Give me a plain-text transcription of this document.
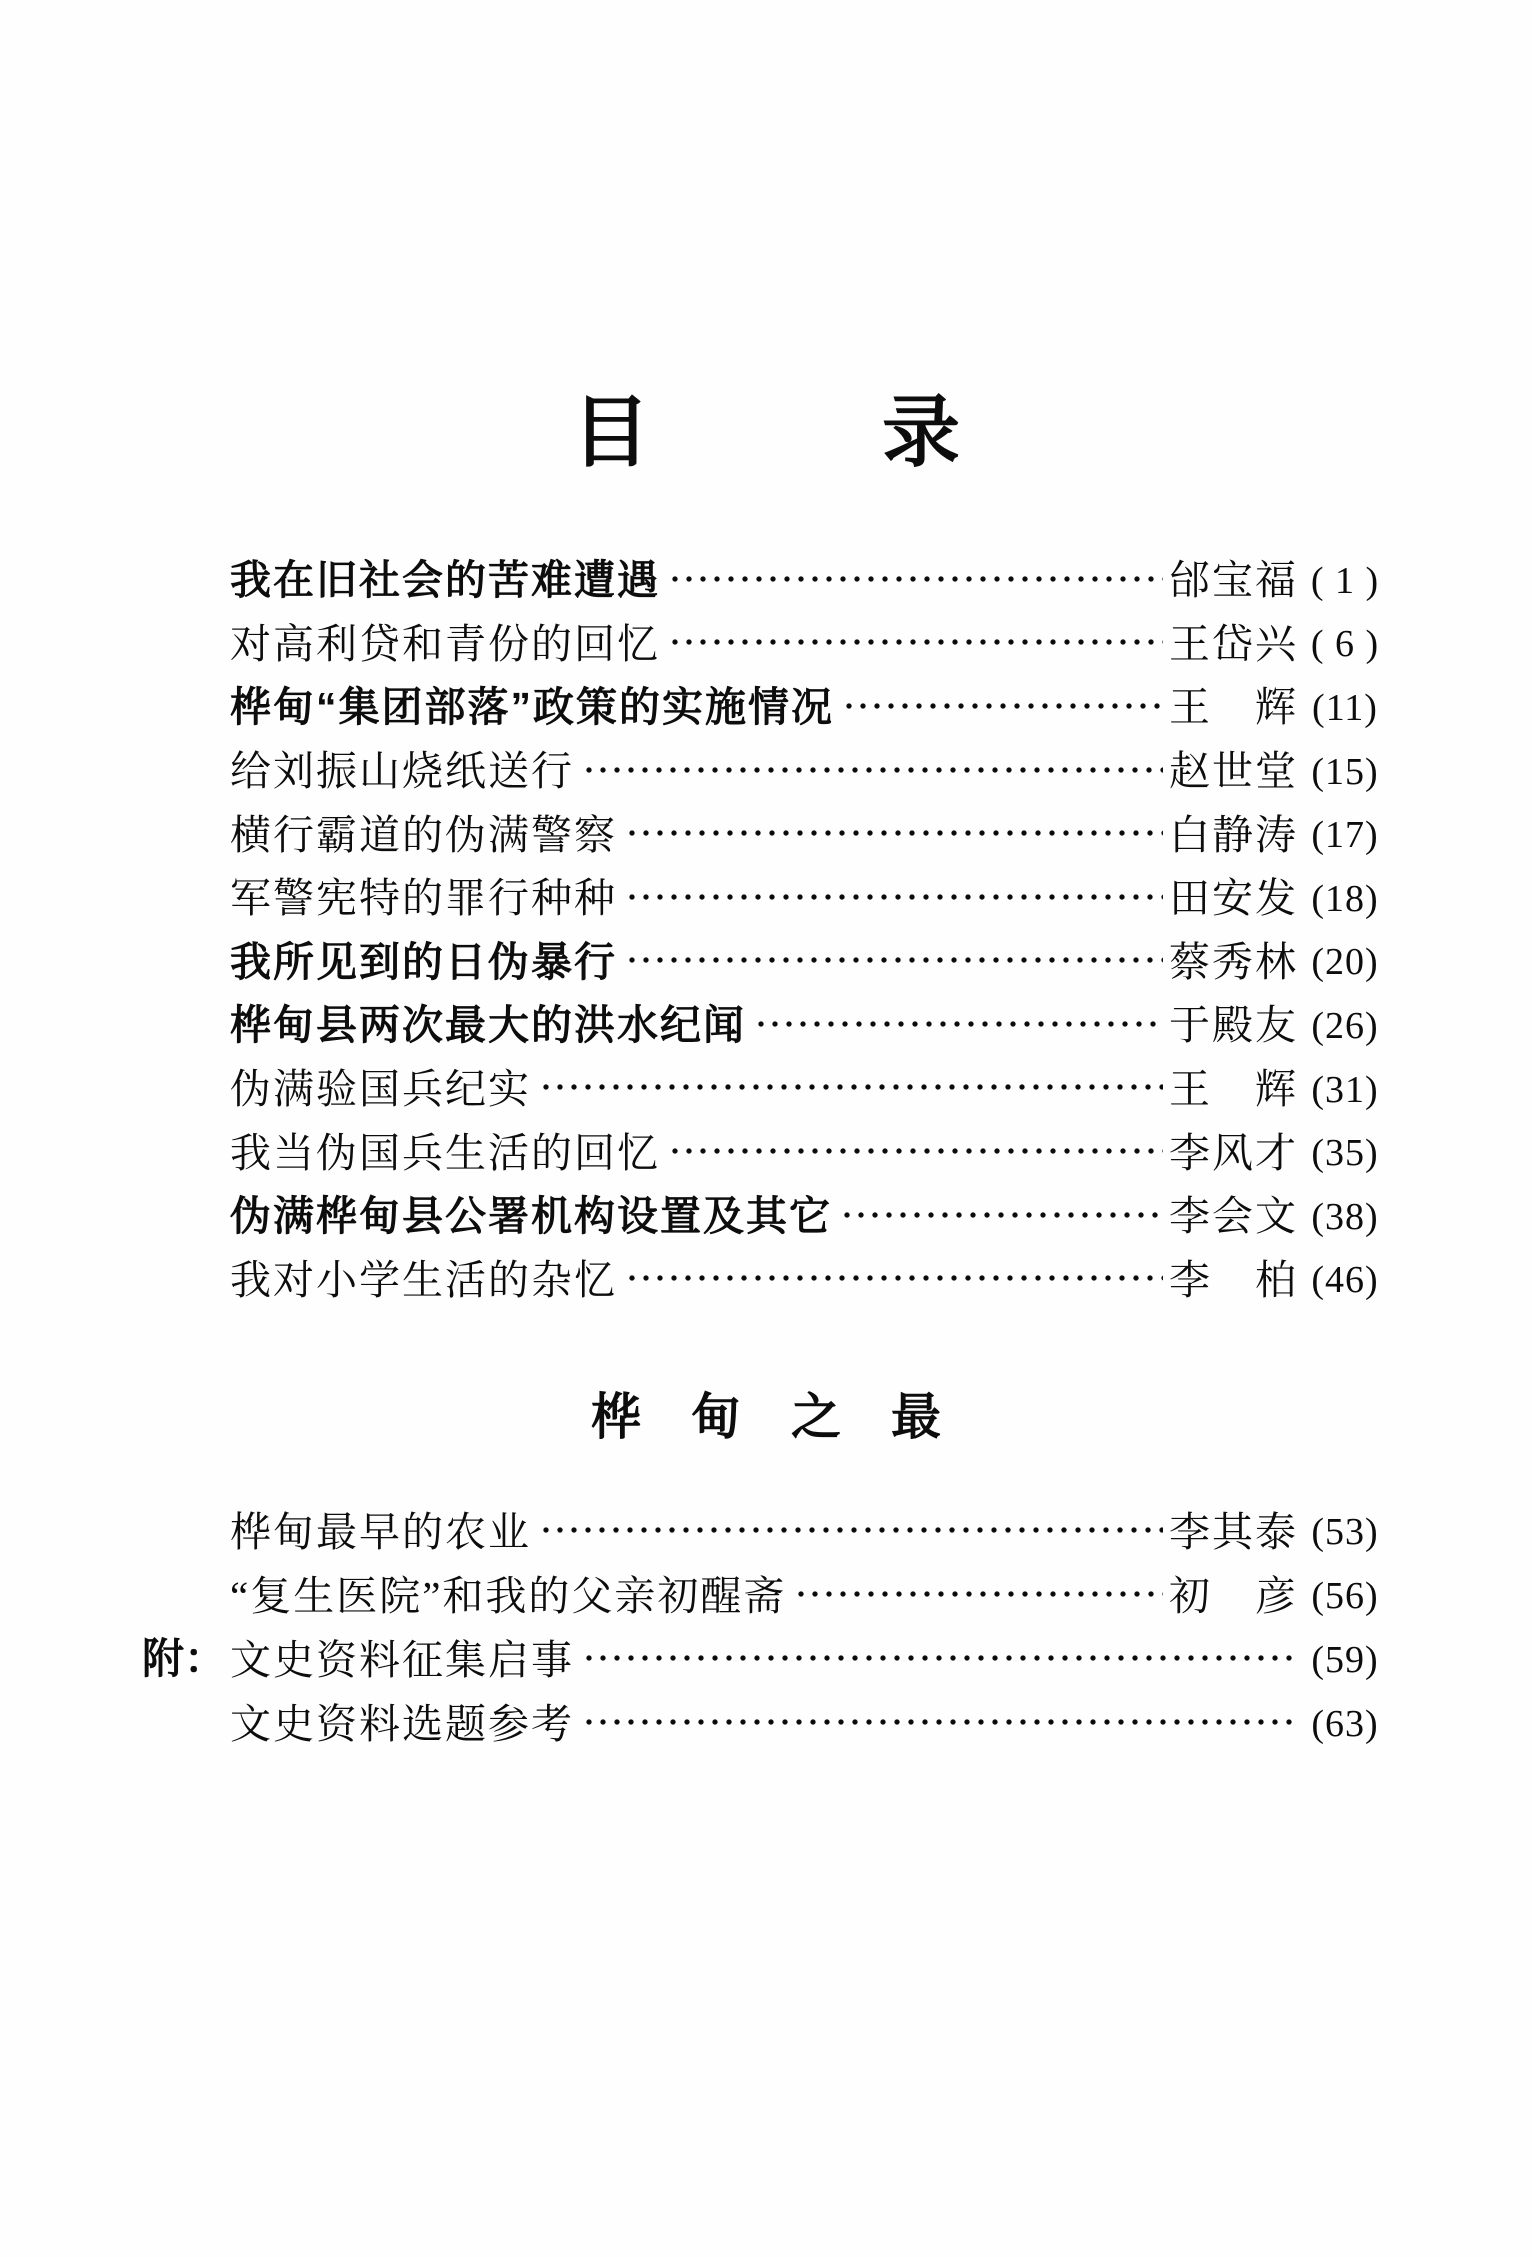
目	录
我在旧社会的苦难遭遇	邰宝福 ( 1 )
对高利贷和青份的回忆	王岱兴 ( 6 )
桦甸“集团部落”政策的实施情况	王　辉 (11)
给刘振山烧纸送行	赵世堂 (15)
横行霸道的伪满警察	白静涛 (17)
军警宪特的罪行种种	田安发 (18)
我所见到的日伪暴行	蔡秀林 (20)
桦甸县两次最大的洪水纪闻	于殿友 (26)
伪满验国兵纪实	王　辉 (31)
我当伪国兵生活的回忆	李风才 (35)
伪满桦甸县公署机构设置及其它	李会文 (38)
我对小学生活的杂忆	李　柏 (46)
桦　甸　之　最
桦甸最早的农业	李其泰 (53)
“复生医院”和我的父亲初醒斋	初　彦 (56)
附： 文史资料征集启事	(59)
文史资料选题参考	(63)
